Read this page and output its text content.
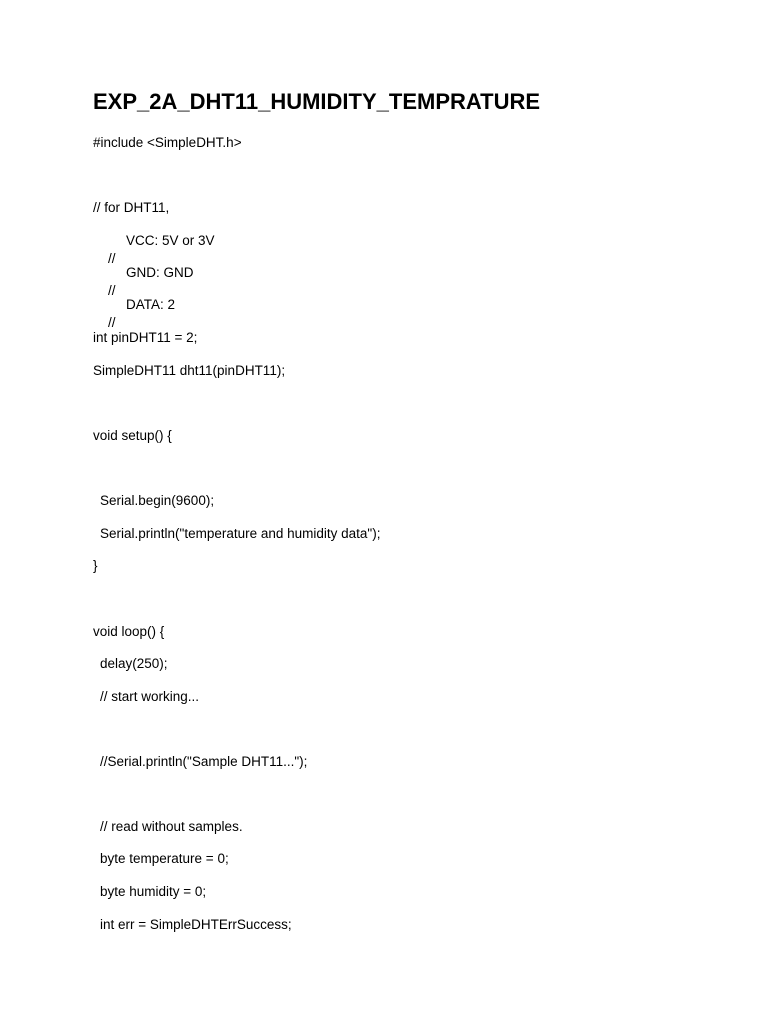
EXP_2A_DHT11_HUMIDITY_TEMPRATURE
#include <SimpleDHT.h>
// for DHT11,

//

VCC: 5V or 3V

//

GND: GND

//

DATA: 2

int pinDHT11 = 2;
SimpleDHT11 dht11(pinDHT11);
void setup() {
Serial.begin(9600);
Serial.println("temperature and humidity data");
}
void loop() {
delay(250);
// start working...
//Serial.println("Sample DHT11...");
// read without samples.
byte temperature = 0;
byte humidity = 0;
int err = SimpleDHTErrSuccess;
